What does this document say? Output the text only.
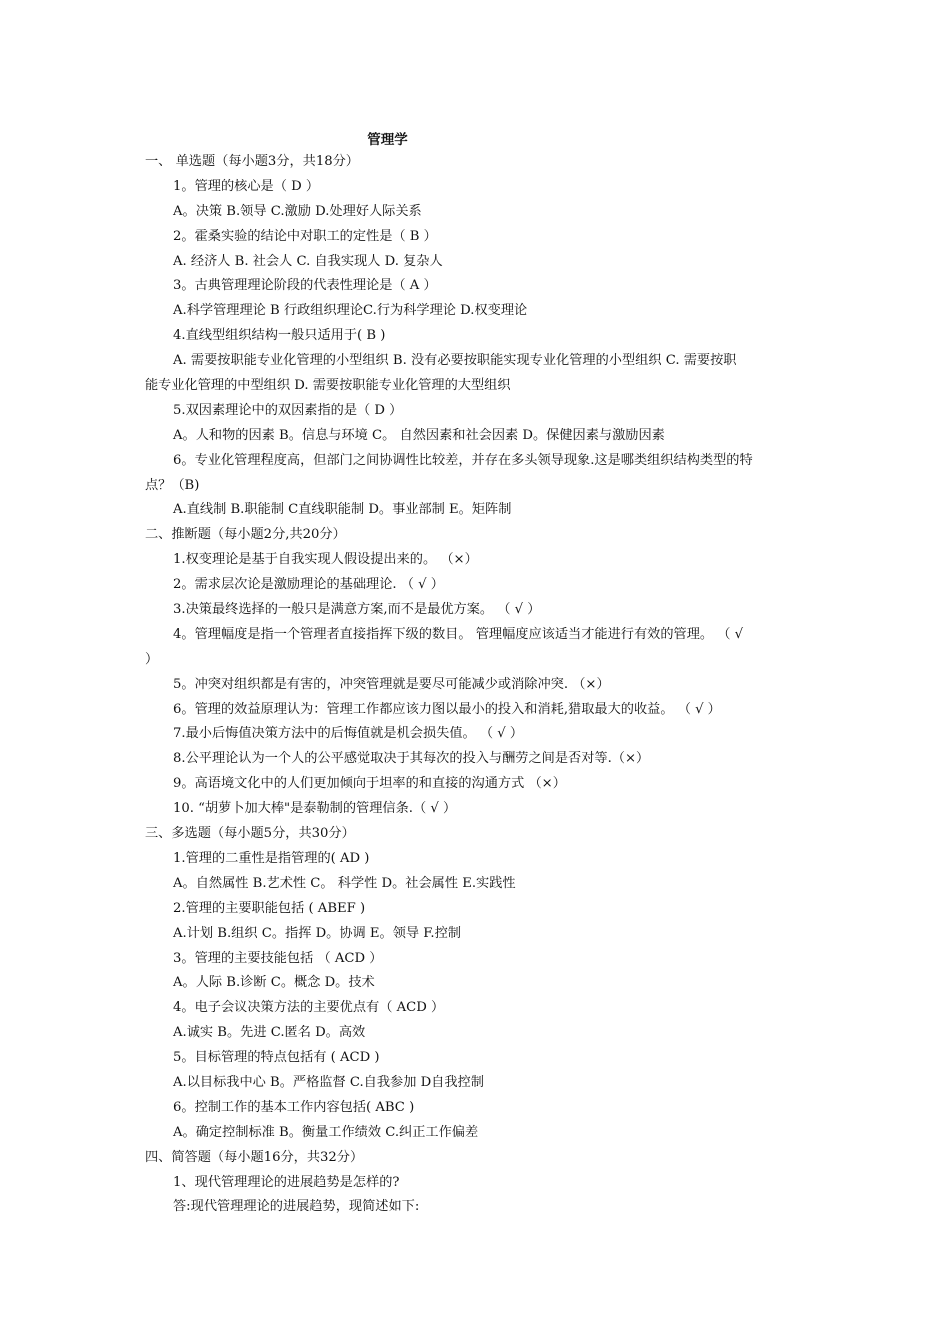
管理学
一、 单选题（每小题3分，共18分）
1。管理的核心是（ D ）
A。决策 B.领导 C.激励 D.处理好人际关系
2。霍桑实验的结论中对职工的定性是（ B ）
A. 经济人 B. 社会人 C. 自我实现人 D. 复杂人
3。古典管理理论阶段的代表性理论是（ A ）
A.科学管理理论 B 行政组织理论C.行为科学理论 D.权变理论
4.直线型组织结构一般只适用于( B )
A. 需要按职能专业化管理的小型组织 B. 没有必要按职能实现专业化管理的小型组织 C. 需要按职
能专业化管理的中型组织 D. 需要按职能专业化管理的大型组织
5.双因素理论中的双因素指的是（ D ）
A。人和物的因素 B。信息与环境 C。 自然因素和社会因素 D。保健因素与激励因素
6。专业化管理程度高，但部门之间协调性比较差，并存在多头领导现象.这是哪类组织结构类型的特
点？（B)
A.直线制 B.职能制 C直线职能制 D。事业部制 E。矩阵制
二、推断题（每小题2分,共20分）
1.权变理论是基于自我实现人假设提出来的。 （×）
2。需求层次论是激励理论的基础理论. （ √ ）
3.决策最终选择的一般只是满意方案,而不是最优方案。 （ √ ）
4。管理幅度是指一个管理者直接指挥下级的数目。 管理幅度应该适当才能进行有效的管理。 （ √
）
5。冲突对组织都是有害的，冲突管理就是要尽可能减少或消除冲突. （×）
6。管理的效益原理认为：管理工作都应该力图以最小的投入和消耗,猎取最大的收益。 （ √ ）
7.最小后悔值决策方法中的后悔值就是机会损失值。 （ √ ）
8.公平理论认为一个人的公平感觉取决于其每次的投入与酬劳之间是否对等.（×）
9。高语境文化中的人们更加倾向于坦率的和直接的沟通方式 （×）
10. “胡萝卜加大棒"是泰勒制的管理信条.（ √ ）
三、多选题（每小题5分，共30分）
1.管理的二重性是指管理的( AD )
A。自然属性 B.艺术性 C。 科学性 D。社会属性 E.实践性
2.管理的主要职能包括 ( ABEF )
A.计划 B.组织 C。指挥 D。协调 E。领导 F.控制
3。管理的主要技能包括 （ ACD ）
A。人际 B.诊断 C。概念 D。技术
4。电子会议决策方法的主要优点有（ ACD ）
A.诚实 B。先进 C.匿名 D。高效
5。目标管理的特点包括有 ( ACD )
A.以目标我中心 B。严格监督 C.自我参加 D自我控制
6。控制工作的基本工作内容包括( ABC )
A。确定控制标准 B。衡量工作绩效 C.纠正工作偏差
四、简答题（每小题16分，共32分）
1、现代管理理论的进展趋势是怎样的?
答:现代管理理论的进展趋势，现简述如下:
